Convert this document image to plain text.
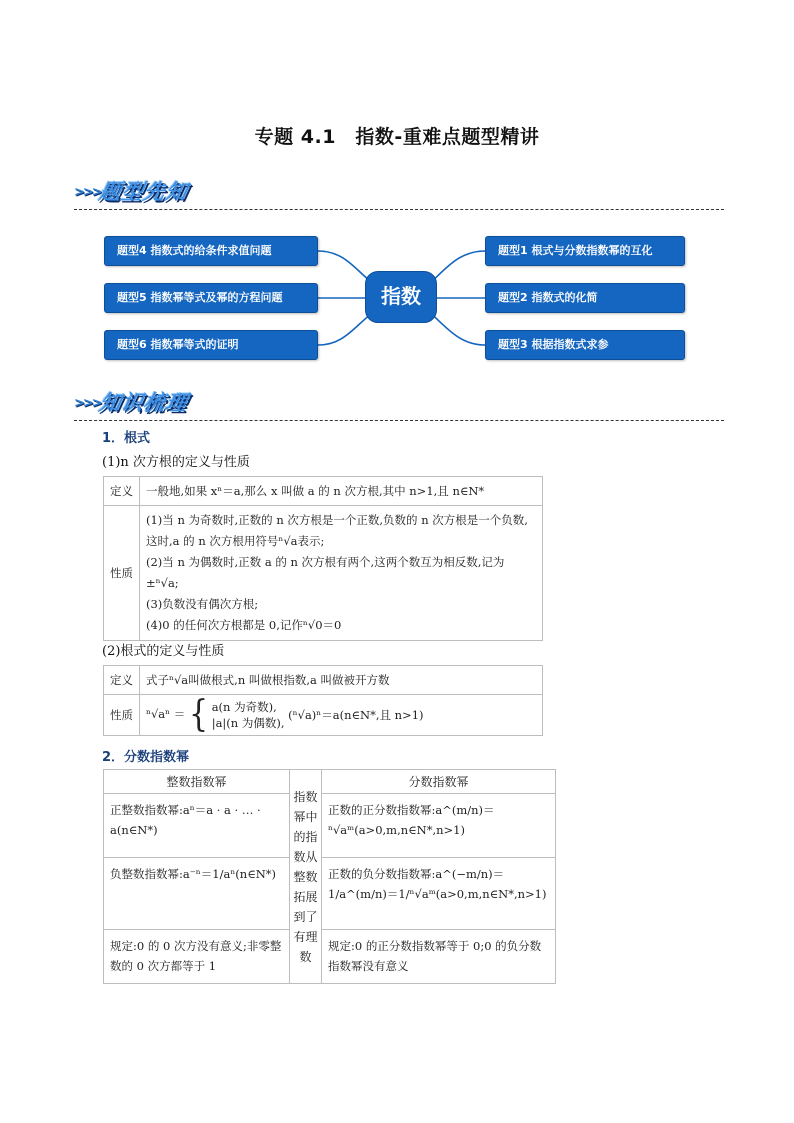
专题 4.1　指数-重难点题型精讲
>>>
题型先知
题型4 指数式的给条件求值问题
题型5 指数幂等式及幂的方程问题
题型6 指数幂等式的证明
指数
题型1 根式与分数指数幂的互化
题型2 指数式的化简
题型3 根据指数式求参
>>>
知识梳理
1．根式
(1)n 次方根的定义与性质
定义	一般地,如果 xⁿ＝a,那么 x 叫做 a 的 n 次方根,其中 n>1,且 n∈N*
性质	(1)当 n 为奇数时,正数的 n 次方根是一个正数,负数的 n 次方根是一个负数,这时,a 的 n 次方根用符号ⁿ√a表示;
(2)当 n 为偶数时,正数 a 的 n 次方根有两个,这两个数互为相反数,记为±ⁿ√a;
(3)负数没有偶次方根;
(4)0 的任何次方根都是 0,记作ⁿ√0＝0
(2)根式的定义与性质
定义	式子ⁿ√a叫做根式,n 叫做根指数,a 叫做被开方数
性质	ⁿ√aⁿ ＝ { a(n 为奇数),
|a|(n 为偶数),
(ⁿ√a)ⁿ＝a(n∈N*,且 n>1)
2．分数指数幂
整数指数幂	指数幂中的指数从整数拓展到了有理数	分数指数幂
正整数指数幂:aⁿ＝a · a · … · a(n∈N*)		正数的正分数指数幂:a^(m/n)＝ⁿ√aᵐ(a>0,m,n∈N*,n>1)
负整数指数幂:a⁻ⁿ＝1/aⁿ(n∈N*)		正数的负分数指数幂:a^(−m/n)＝1/a^(m/n)＝1/ⁿ√aᵐ(a>0,m,n∈N*,n>1)
规定:0 的 0 次方没有意义;非零整数的 0 次方都等于 1		规定:0 的正分数指数幂等于 0;0 的负分数指数幂没有意义
